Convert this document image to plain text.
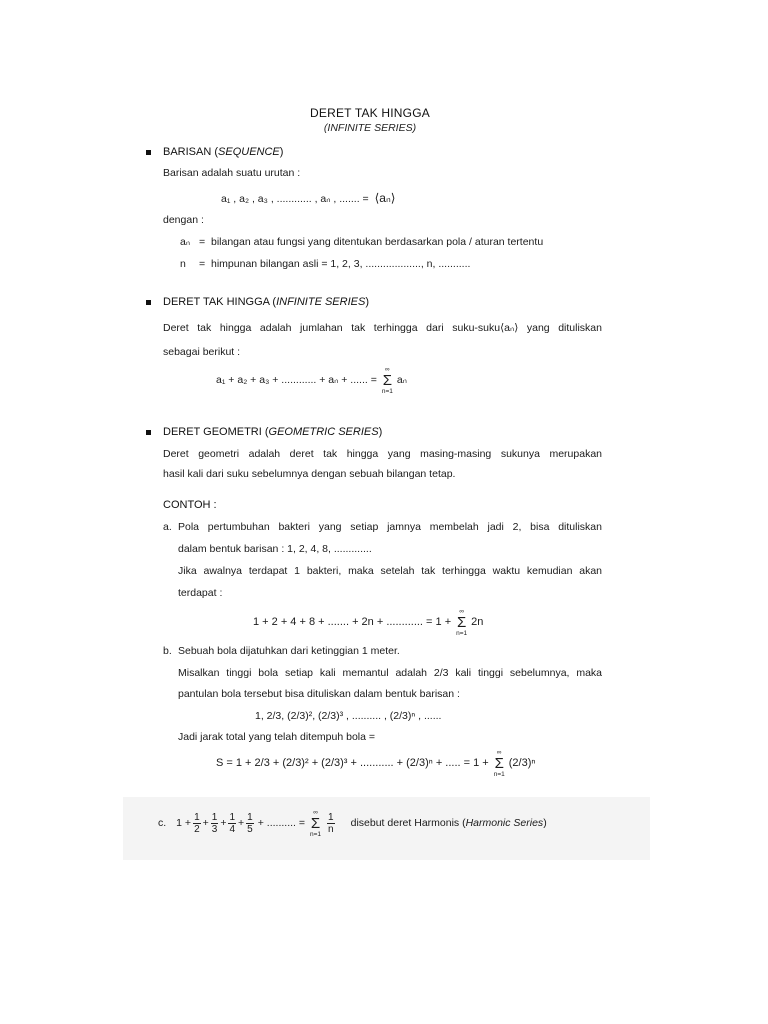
DERET TAK HINGGA
(INFINITE SERIES)
BARISAN (SEQUENCE)
Barisan adalah suatu urutan :
a₁ , a₂ , a₃ , ............ , aₙ , ....... = ⟨aₙ⟩
dengan :
aₙ = bilangan atau fungsi yang ditentukan berdasarkan pola / aturan tertentu
n = himpunan bilangan asli = 1, 2, 3, ..................., n, ...........
DERET TAK HINGGA (INFINITE SERIES)
Deret tak hingga adalah jumlahan tak terhingga dari suku-suku⟨aₙ⟩ yang dituliskan
sebagai berikut :
a₁ + a₂ + a₃ + ............ + aₙ + ...... =
∞
Σ
n=1
aₙ
DERET GEOMETRI (GEOMETRIC SERIES)
Deret geometri adalah deret tak hingga yang masing-masing sukunya merupakan
hasil kali dari suku sebelumnya dengan sebuah bilangan tetap.
CONTOH :
a. Pola pertumbuhan bakteri yang setiap jamnya membelah jadi 2, bisa dituliskan
dalam bentuk barisan : 1, 2, 4, 8, .............
Jika awalnya terdapat 1 bakteri, maka setelah tak terhingga waktu kemudian akan
terdapat :
1 + 2 + 4 + 8 + ....... + 2n + ............ = 1 +
∞
Σ
n=1
2n
b. Sebuah bola dijatuhkan dari ketinggian 1 meter.
Misalkan tinggi bola setiap kali memantul adalah 2/3 kali tinggi sebelumnya, maka
pantulan bola tersebut bisa dituliskan dalam bentuk barisan :
1, 2/3, (2/3)², (2/3)³ , .......... , (2/3)ⁿ , ......
Jadi jarak total yang telah ditempuh bola =
S = 1 + 2/3 + (2/3)² + (2/3)³ + ........... + (2/3)ⁿ + ..... = 1 +
∞
Σ
n=1
(2/3)ⁿ
c. $1 + \frac{1}{2} + \frac{1}{3} + \frac{1}{4} + \frac{1}{5}$ + .......... =
∞
Σ
$n=1 \frac{1}{n}$ disebut deret Harmonis (Harmonic Series)
